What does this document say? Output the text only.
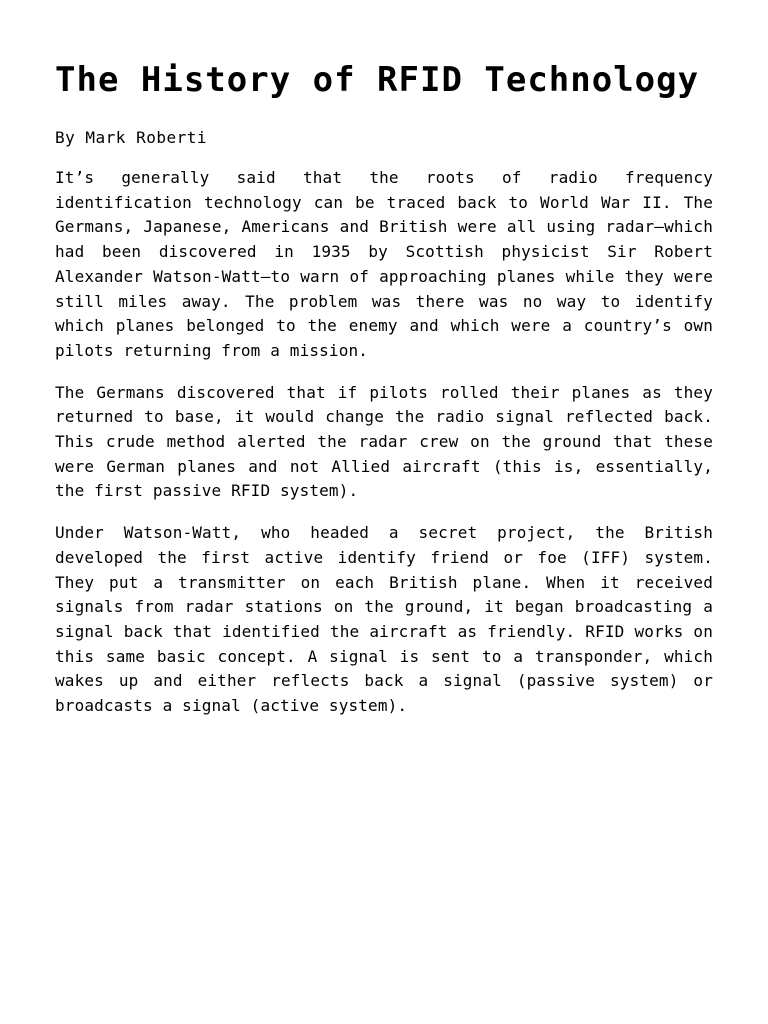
The History of RFID Technology

By Mark Roberti

It’s generally said that the roots of radio frequency identification technology can be traced back to World War II. The Germans, Japanese, Americans and British were all using radar—which had been discovered in 1935 by Scottish physicist Sir Robert Alexander Watson-Watt—to warn of approaching planes while they were still miles away. The problem was there was no way to identify which planes belonged to the enemy and which were a country’s own pilots returning from a mission.

The Germans discovered that if pilots rolled their planes as they returned to base, it would change the radio signal reflected back. This crude method alerted the radar crew on the ground that these were German planes and not Allied aircraft (this is, essentially, the first passive RFID system).

Under Watson-Watt, who headed a secret project, the British developed the first active identify friend or foe (IFF) system. They put a transmitter on each British plane. When it received signals from radar stations on the ground, it began broadcasting a signal back that identified the aircraft as friendly. RFID works on this same basic concept. A signal is sent to a transponder, which wakes up and either reflects back a signal (passive system) or broadcasts a signal (active system).
